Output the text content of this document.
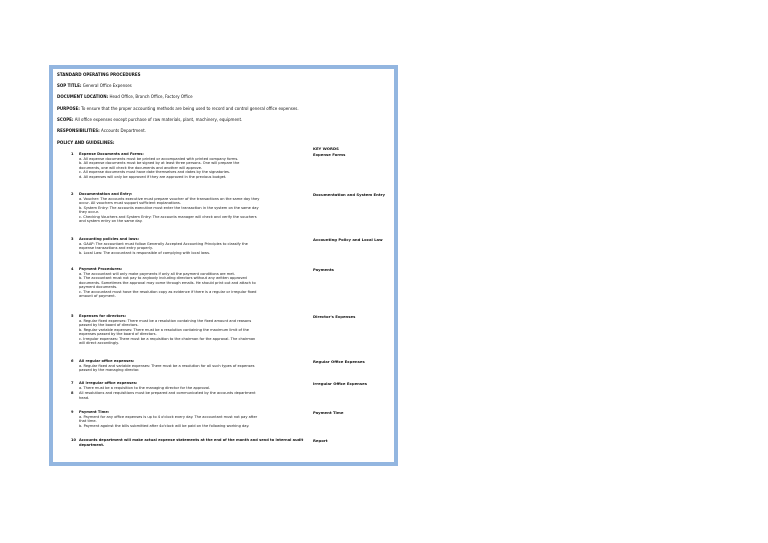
STANDARD OPERATING PROCEDURES
SOP TITLE: General Office Expenses
DOCUMENT LOCATION: Head Office, Branch Office, Factory Office
PURPOSE: To ensure that the proper accounting methods are being used to record and control general office expenses.
SCOPE: All office expenses except purchase of raw materials, plant, machinery, equipment.
RESPONSIBILITIES: Accounts Department.
POLICY AND GUIDELINES:
KEY WORDS
1 Expense Documents and Forms:
a. All expense documents must be printed or accompanied with printed company forms.
b. All expense documents must be signed by at least three persons. One will prepare the
documents, one will check the documents and another will approve.
c. All expense documents must have date themselves and dates by the signatories.
d. All expenses will only be approved if they are approved in the previous budget.
Expense Forms
2 Documentation and Entry:
a. Voucher: The accounts executive must prepare voucher of the transactions on the same day they
occur. All vouchers must support sufficient explanations.
b. System Entry: The accounts executive must enter the transaction in the system on the same day
they occur.
c. Checking Vouchers and System Entry: The accounts manager will check and verify the vouchers
and system entry on the same day.
Documentation and System Entry
3 Accounting policies and laws:
a. GAAP: The accountant must follow Generally Accepted Accounting Principles to classify the
expense transactions and entry properly.
b. Local Law: The accountant is responsible of complying with local laws.
Accounting Policy and Local Law
4 Payment Procedures:
a. The accountant will only make payments if only all the payment conditions are met.
b. The accountant must not pay to anybody including directors without any written approved
documents. Sometimes the approval may come through emails. He should print out and attach to
payment documents.
c. The accountant must have the resolution copy as evidence if there is a regular or irregular fixed
amount of payment.
Payments
5 Expenses for directors:
a. Regular fixed expenses: There must be a resolution containing the fixed amount and reasons
passed by the board of directors.
b. Regular variable expenses: There must be a resolution containing the maximum limit of the
expenses passed by the board of directors.
c. Irregular expenses: There must be a requisition to the chairman for the approval. The chairman
will direct accordingly.
Director's Expenses
6 All regular office expenses:
a. Regular fixed and variable expenses: There must be a resolution for all such types of expenses
passed by the managing director.
Regular Office Expenses
7 All irregular office expenses:
a. There must be a requisition to the managing director for the approval.
Irregular Office Expenses
8 All resolutions and requisitions must be prepared and communicated by the accounts department
head.
9 Payment Time:
a. Payment for any office expenses is up to 4 o'clock every day. The accountant must not pay after
that time.
b. Payment against the bills submitted after 4o'clock will be paid on the following working day.
Payment Time
10 Accounts department will make actual expense statements at the end of the month and send to internal audit department.
Report
